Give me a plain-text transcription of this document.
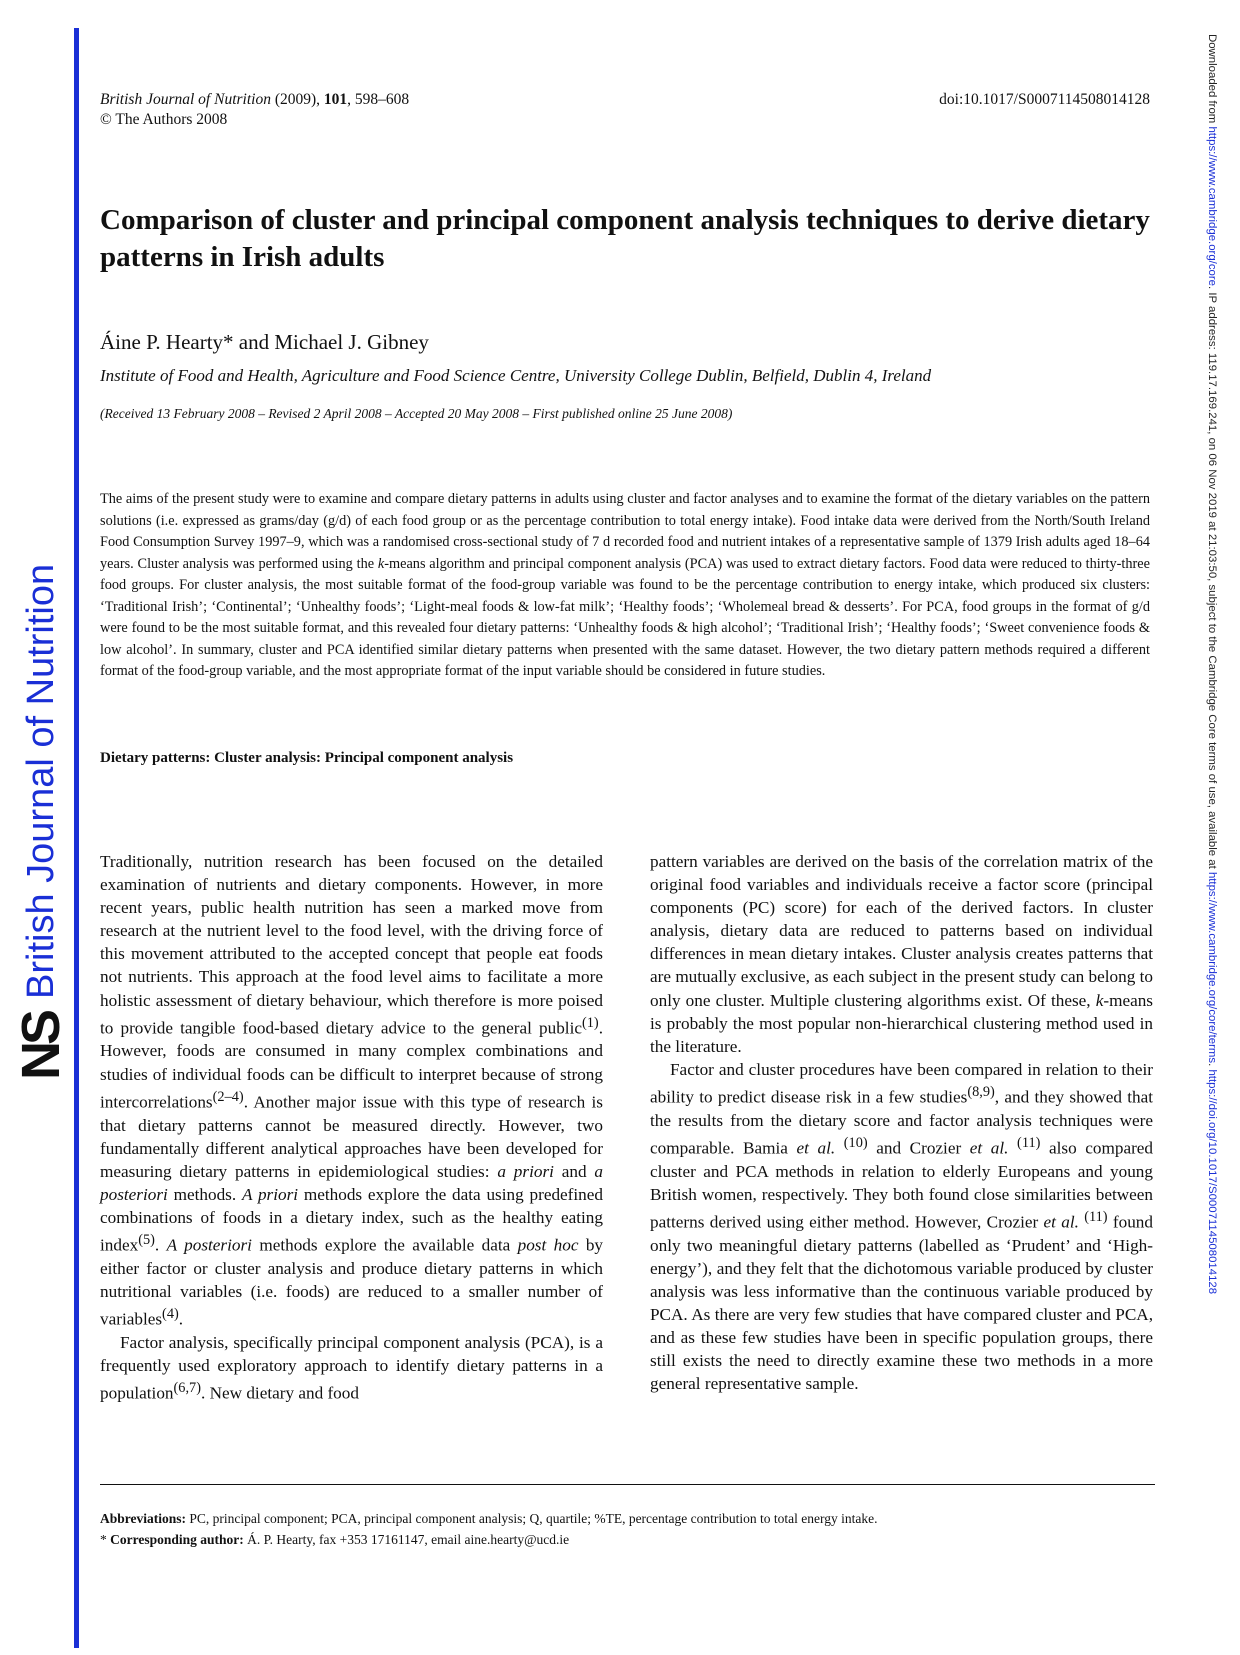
NS
British Journal of Nutrition
Downloaded from https://www.cambridge.org/core. IP address: 119.17.169.241, on 06 Nov 2019 at 21:03:50, subject to the Cambridge Core terms of use, available at https://www.cambridge.org/core/terms. https://doi.org/10.1017/S0007114508014128
British Journal of Nutrition (2009), 101, 598–608
© The Authors 2008
doi:10.1017/S0007114508014128
Comparison of cluster and principal component analysis techniques to derive dietary patterns in Irish adults
Áine P. Hearty* and Michael J. Gibney
Institute of Food and Health, Agriculture and Food Science Centre, University College Dublin, Belfield, Dublin 4, Ireland
(Received 13 February 2008 – Revised 2 April 2008 – Accepted 20 May 2008 – First published online 25 June 2008)

The aims of the present study were to examine and compare dietary patterns in adults using cluster and factor analyses and to examine the format of the dietary variables on the pattern solutions (i.e. expressed as grams/day (g/d) of each food group or as the percentage contribution to total energy intake). Food intake data were derived from the North/South Ireland Food Consumption Survey 1997–9, which was a randomised cross-sectional study of 7 d recorded food and nutrient intakes of a representative sample of 1379 Irish adults aged 18–64 years. Cluster analysis was performed using the k-means algorithm and principal component analysis (PCA) was used to extract dietary factors. Food data were reduced to thirty-three food groups. For cluster analysis, the most suitable format of the food-group variable was found to be the percentage contribution to energy intake, which produced six clusters: ‘Traditional Irish’; ‘Continental’; ‘Unhealthy foods’; ‘Light-meal foods & low-fat milk’; ‘Healthy foods’; ‘Wholemeal bread & desserts’. For PCA, food groups in the format of g/d were found to be the most suitable format, and this revealed four dietary patterns: ‘Unhealthy foods & high alcohol’; ‘Traditional Irish’; ‘Healthy foods’; ‘Sweet convenience foods & low alcohol’. In summary, cluster and PCA identified similar dietary patterns when presented with the same dataset. However, the two dietary pattern methods required a different format of the food-group variable, and the most appropriate format of the input variable should be considered in future studies.

Dietary patterns: Cluster analysis: Principal component analysis

Traditionally, nutrition research has been focused on the detailed examination of nutrients and dietary components. However, in more recent years, public health nutrition has seen a marked move from research at the nutrient level to the food level, with the driving force of this movement attributed to the accepted concept that people eat foods not nutrients. This approach at the food level aims to facilitate a more holistic assessment of dietary behaviour, which therefore is more poised to provide tangible food-based dietary advice to the general public$^{(1)}$. However, foods are consumed in many complex combinations and studies of individual foods can be difficult to interpret because of strong intercorrelations$^{(2-4)}$. Another major issue with this type of research is that dietary patterns cannot be measured directly. However, two fundamentally different analytical approaches have been developed for measuring dietary patterns in epidemiological studies: a priori and a posteriori methods. A priori methods explore the data using predefined combinations of foods in a dietary index, such as the healthy eating index$^{(5)}$. A posteriori methods explore the available data post hoc by either factor or cluster analysis and produce dietary patterns in which nutritional variables (i.e. foods) are reduced to a smaller number of variables$^{(4)}$.

Factor analysis, specifically principal component analysis (PCA), is a frequently used exploratory approach to identify dietary patterns in a population$^{(6,7)}$. New dietary and food

pattern variables are derived on the basis of the correlation matrix of the original food variables and individuals receive a factor score (principal components (PC) score) for each of the derived factors. In cluster analysis, dietary data are reduced to patterns based on individual differences in mean dietary intakes. Cluster analysis creates patterns that are mutually exclusive, as each subject in the present study can belong to only one cluster. Multiple clustering algorithms exist. Of these, k-means is probably the most popular non-hierarchical clustering method used in the literature.

Factor and cluster procedures have been compared in relation to their ability to predict disease risk in a few studies$^{(8,9)}$, and they showed that the results from the dietary score and factor analysis techniques were comparable. Bamia et al. $^{(10)}$ and Crozier et al. $^{(11)}$ also compared cluster and PCA methods in relation to elderly Europeans and young British women, respectively. They both found close similarities between patterns derived using either method. However, Crozier et al. $^{(11)}$ found only two meaningful dietary patterns (labelled as ‘Prudent’ and ‘High-energy’), and they felt that the dichotomous variable produced by cluster analysis was less informative than the continuous variable produced by PCA. As there are very few studies that have compared cluster and PCA, and as these few studies have been in specific population groups, there still exists the need to directly examine these two methods in a more general representative sample.

Abbreviations: PC, principal component; PCA, principal component analysis; Q, quartile; %TE, percentage contribution to total energy intake.
* Corresponding author: Á. P. Hearty, fax +353 17161147, email aine.hearty@ucd.ie
